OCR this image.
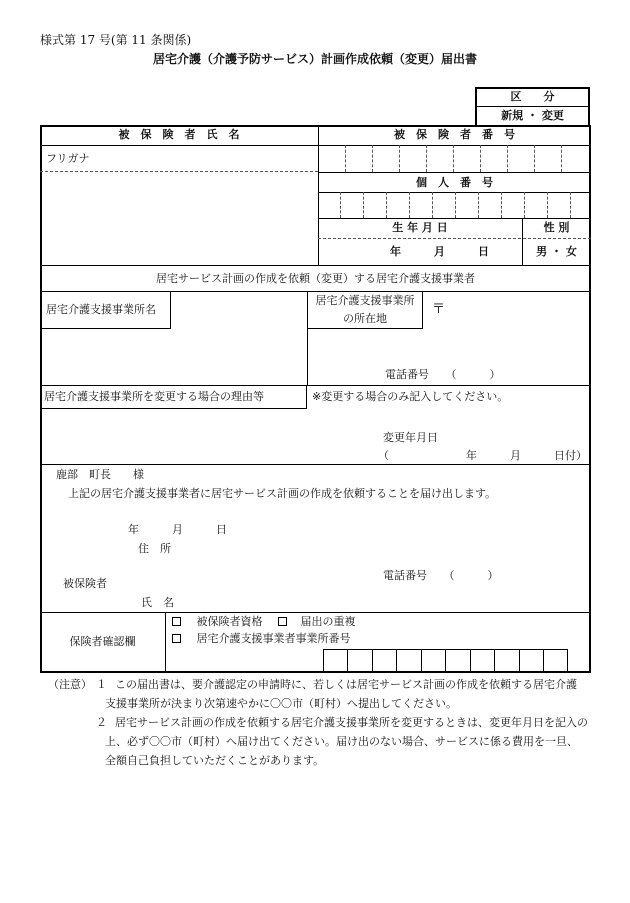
様式第 17 号(第 11 条関係)
居宅介護（介護予防サービス）計画作成依頼（変更）届出書
区　　分
新規 ・ 変更
被　保　険　者　氏　名	被　保　険　者　番　号
フリガナ
個　人　番　号
生 年 月 日	性 別
年　　　月　　　日	男 ・ 女
居宅サービス計画の作成を依頼（変更）する居宅介護支援事業者
居宅介護支援事業所名
居宅介護支援事業所
の所在地
〒
電話番号　　（　　　）
居宅介護支援事業所を変更する場合の理由等	※変更する場合のみ記入してください。
変更年月日
（　　　　　　　年　　　月　　　日付）
鹿部　町長　　様
上記の居宅介護支援事業者に居宅サービス計画の作成を依頼することを届け出します。
年　　　月　　　日
住　所
電話番号　　（　　　）
被保険者
氏　名
保険者確認欄
被保険者資格	届出の重複
居宅介護支援事業者事業所番号
（注意） １ この届出書は、要介護認定の申請時に、若しくは居宅サービス計画の作成を依頼する居宅介護
支援事業所が決まり次第速やかに〇〇市（町村）へ提出してください。
２ 居宅サービス計画の作成を依頼する居宅介護支援事業所を変更するときは、変更年月日を記入の
上、必ず〇〇市（町村）へ届け出てください。届け出のない場合、サービスに係る費用を一旦、
全額自己負担していただくことがあります。
